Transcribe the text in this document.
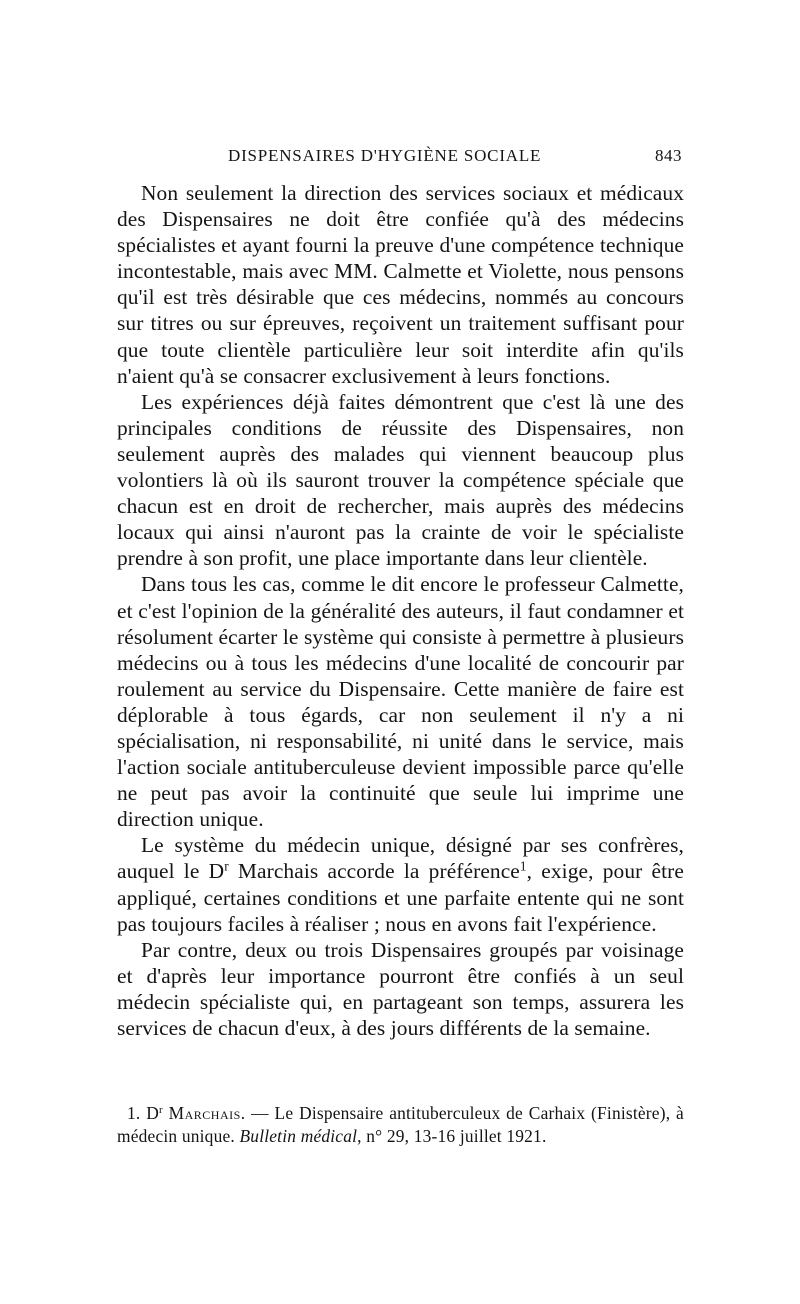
DISPENSAIRES D'HYGIÈNE SOCIALE	843

Non seulement la direction des services sociaux et médicaux des Dispensaires ne doit être confiée qu'à des médecins spécialistes et ayant fourni la preuve d'une compétence technique incontestable, mais avec MM. Calmette et Violette, nous pensons qu'il est très désirable que ces médecins, nommés au concours sur titres ou sur épreuves, reçoivent un traitement suffisant pour que toute clientèle particulière leur soit interdite afin qu'ils n'aient qu'à se consacrer exclusivement à leurs fonctions.

Les expériences déjà faites démontrent que c'est là une des principales conditions de réussite des Dispensaires, non seulement auprès des malades qui viennent beaucoup plus volontiers là où ils sauront trouver la compétence spéciale que chacun est en droit de rechercher, mais auprès des médecins locaux qui ainsi n'auront pas la crainte de voir le spécialiste prendre à son profit, une place importante dans leur clientèle.

Dans tous les cas, comme le dit encore le professeur Calmette, et c'est l'opinion de la généralité des auteurs, il faut condamner et résolument écarter le système qui consiste à permettre à plusieurs médecins ou à tous les médecins d'une localité de concourir par roulement au service du Dispensaire. Cette manière de faire est déplorable à tous égards, car non seulement il n'y a ni spécialisation, ni responsabilité, ni unité dans le service, mais l'action sociale antituberculeuse devient impossible parce qu'elle ne peut pas avoir la continuité que seule lui imprime une direction unique.

Le système du médecin unique, désigné par ses confrères, auquel le $D^r$ Marchais accorde la préférence$^1$, exige, pour être appliqué, certaines conditions et une parfaite entente qui ne sont pas toujours faciles à réaliser ; nous en avons fait l'expérience.

Par contre, deux ou trois Dispensaires groupés par voisinage et d'après leur importance pourront être confiés à un seul médecin spécialiste qui, en partageant son temps, assurera les services de chacun d'eux, à des jours différents de la semaine.

1. $D^r$ Marchais. — Le Dispensaire antituberculeux de Carhaix (Finistère), à médecin unique. Bulletin médical, n° 29, 13-16 juillet 1921.
